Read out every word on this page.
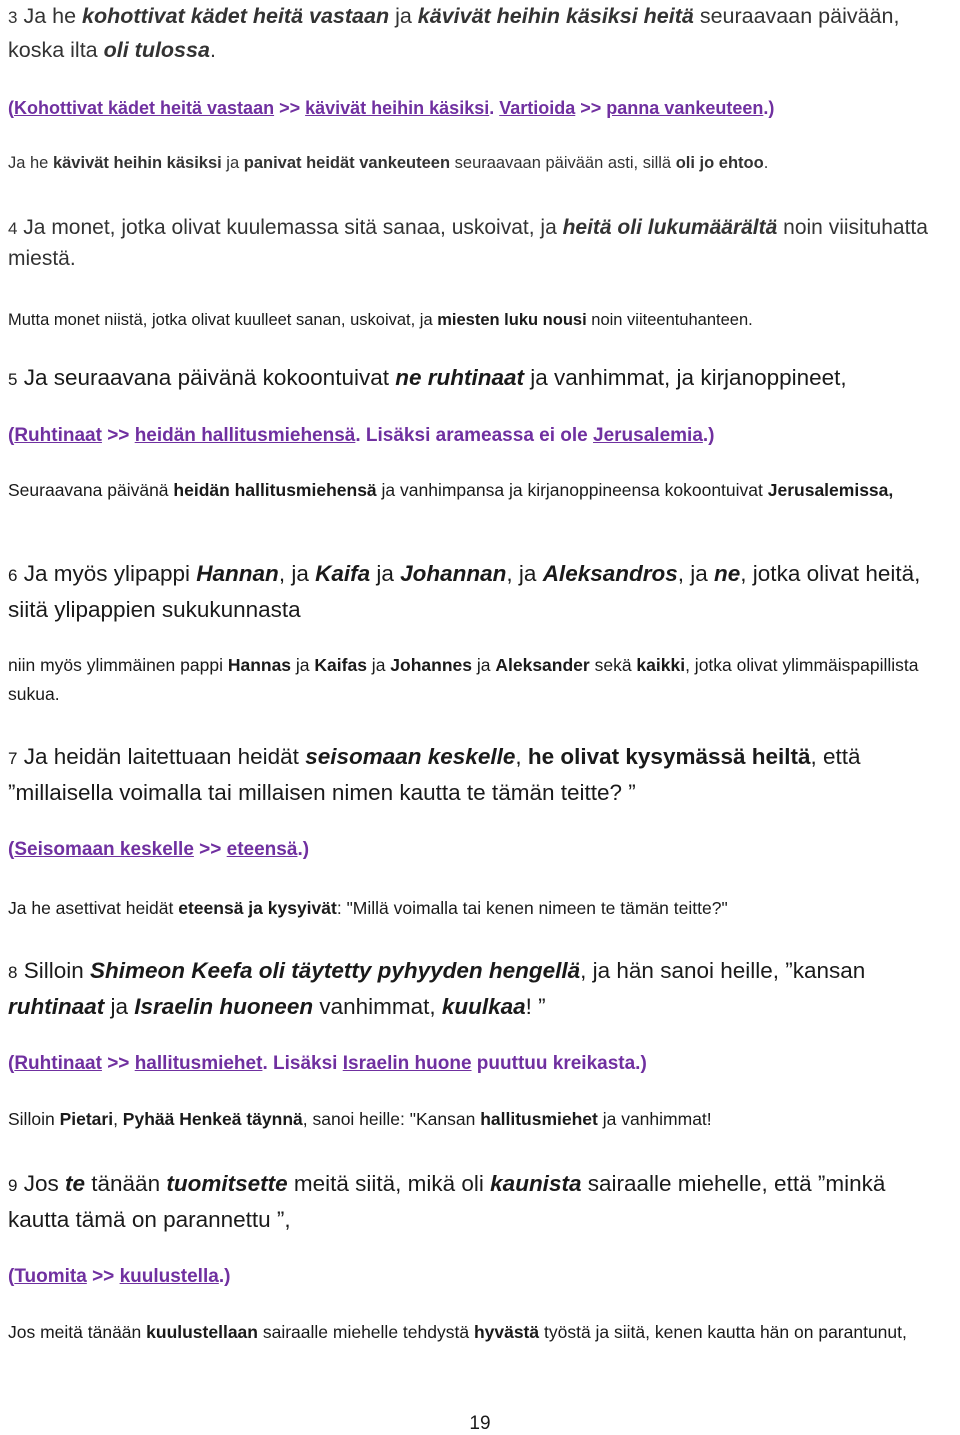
3 Ja he kohottivat kädet heitä vastaan ja kävivät heihin käsiksi heitä seuraavaan päivään, koska ilta oli tulossa.

(Kohottivat kädet heitä vastaan >> kävivät heihin käsiksi. Vartioida >> panna vankeuteen.)

Ja he kävivät heihin käsiksi ja panivat heidät vankeuteen seuraavaan päivään asti, sillä oli jo ehtoo.

4 Ja monet, jotka olivat kuulemassa sitä sanaa, uskoivat, ja heitä oli lukumäärältä noin viisituhatta miestä.

Mutta monet niistä, jotka olivat kuulleet sanan, uskoivat, ja miesten luku nousi noin viiteentuhanteen.

5 Ja seuraavana päivänä kokoontuivat ne ruhtinaat ja vanhimmat, ja kirjanoppineet,

(Ruhtinaat >> heidän hallitusmiehensä. Lisäksi arameassa ei ole Jerusalemia.)

Seuraavana päivänä heidän hallitusmiehensä ja vanhimpansa ja kirjanoppineensa kokoontuivat Jerusalemissa,

6 Ja myös ylipappi Hannan, ja Kaifa ja Johannan, ja Aleksandros, ja ne, jotka olivat heitä, siitä ylipappien sukukunnasta

niin myös ylimmäinen pappi Hannas ja Kaifas ja Johannes ja Aleksander sekä kaikki, jotka olivat ylimmäispapillista sukua.

7 Ja heidän laitettuaan heidät seisomaan keskelle, he olivat kysymässä heiltä, että ”millaisella voimalla tai millaisen nimen kautta te tämän teitte? ”

(Seisomaan keskelle >> eteensä.)

Ja he asettivat heidät eteensä ja kysyivät: "Millä voimalla tai kenen nimeen te tämän teitte?"

8 Silloin Shimeon Keefa oli täytetty pyhyyden hengellä, ja hän sanoi heille, ”kansan ruhtinaat ja Israelin huoneen vanhimmat, kuulkaa! ”

(Ruhtinaat >> hallitusmiehet. Lisäksi Israelin huone puuttuu kreikasta.)

Silloin Pietari, Pyhää Henkeä täynnä, sanoi heille: "Kansan hallitusmiehet ja vanhimmat!

9 Jos te tänään tuomitsette meitä siitä, mikä oli kaunista sairaalle miehelle, että ”minkä kautta tämä on parannettu ”,

(Tuomita >> kuulustella.)

Jos meitä tänään kuulustellaan sairaalle miehelle tehdystä hyvästä työstä ja siitä, kenen kautta hän on parantunut,

19
